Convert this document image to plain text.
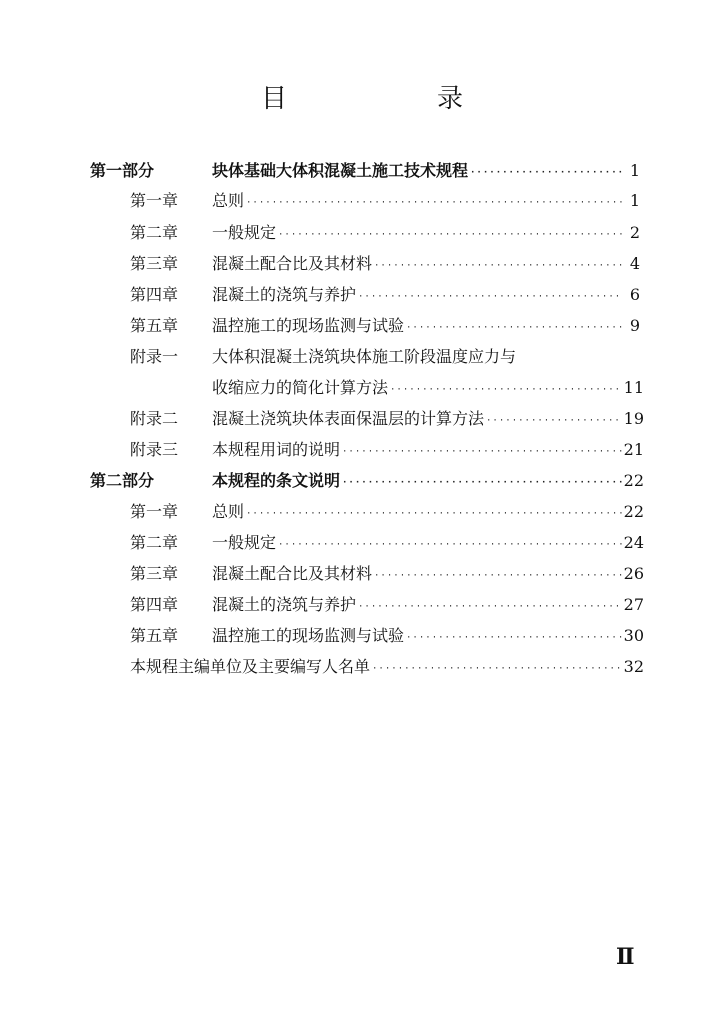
目　录
第一部分	块体基础大体积混凝土施工技术规程 ·····	1
第一章	总则 ·····	1
第二章	一般规定 ·····	2
第三章	混凝土配合比及其材料 ·····	4
第四章	混凝土的浇筑与养护 ·····	6
第五章	温控施工的现场监测与试验 ·····	9
附录一	大体积混凝土浇筑块体施工阶段温度应力与
收缩应力的简化计算方法 ·····	11
附录二	混凝土浇筑块体表面保温层的计算方法 ·····	19
附录三	本规程用词的说明 ·····	21
第二部分	本规程的条文说明 ·····	22
第一章	总则 ·····	22
第二章	一般规定 ·····	24
第三章	混凝土配合比及其材料 ·····	26
第四章	混凝土的浇筑与养护 ·····	27
第五章	温控施工的现场监测与试验 ·····	30
本规程主编单位及主要编写人名单 ·····	32
Ⅱ
